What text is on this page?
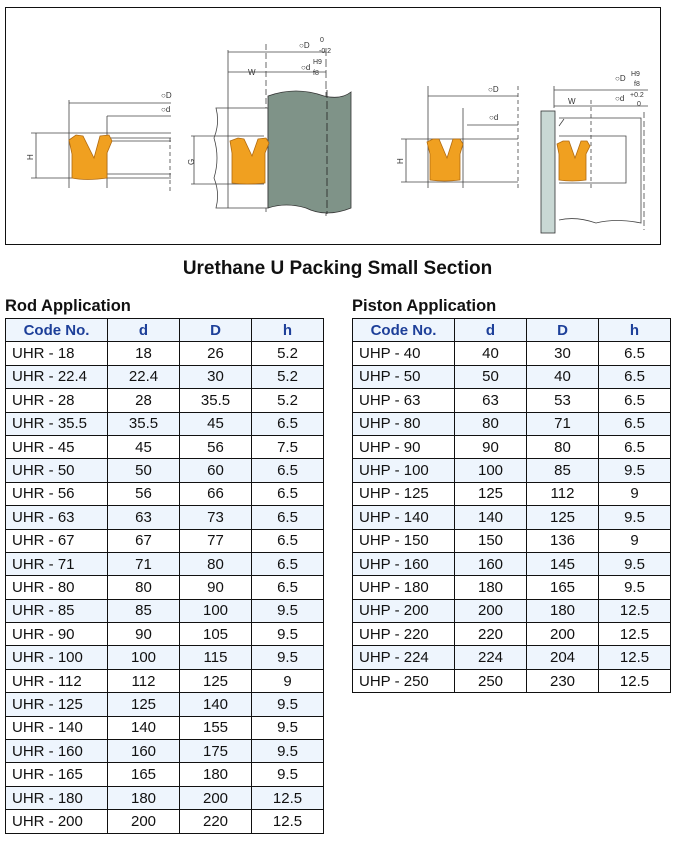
○D
○d
H
○D
0
-0.2
○d
H9
f8
W
G
○D
○d
H
○D H9
f8
○d +0.2
0
W
Urethane U Packing Small Section
Rod Application	Piston Application
Code No.	d	D	h
UHR - 18	18	26	5.2
UHR - 22.4	22.4	30	5.2
UHR - 28	28	35.5	5.2
UHR - 35.5	35.5	45	6.5
UHR - 45	45	56	7.5
UHR - 50	50	60	6.5
UHR - 56	56	66	6.5
UHR - 63	63	73	6.5
UHR - 67	67	77	6.5
UHR - 71	71	80	6.5
UHR - 80	80	90	6.5
UHR - 85	85	100	9.5
UHR - 90	90	105	9.5
UHR - 100	100	115	9.5
UHR - 112	112	125	9
UHR - 125	125	140	9.5
UHR - 140	140	155	9.5
UHR - 160	160	175	9.5
UHR - 165	165	180	9.5
UHR - 180	180	200	12.5
UHR - 200	200	220	12.5
Code No.	d	D	h
UHP - 40	40	30	6.5
UHP - 50	50	40	6.5
UHP - 63	63	53	6.5
UHP - 80	80	71	6.5
UHP - 90	90	80	6.5
UHP - 100	100	85	9.5
UHP - 125	125	112	9
UHP - 140	140	125	9.5
UHP - 150	150	136	9
UHP - 160	160	145	9.5
UHP - 180	180	165	9.5
UHP - 200	200	180	12.5
UHP - 220	220	200	12.5
UHP - 224	224	204	12.5
UHP - 250	250	230	12.5
